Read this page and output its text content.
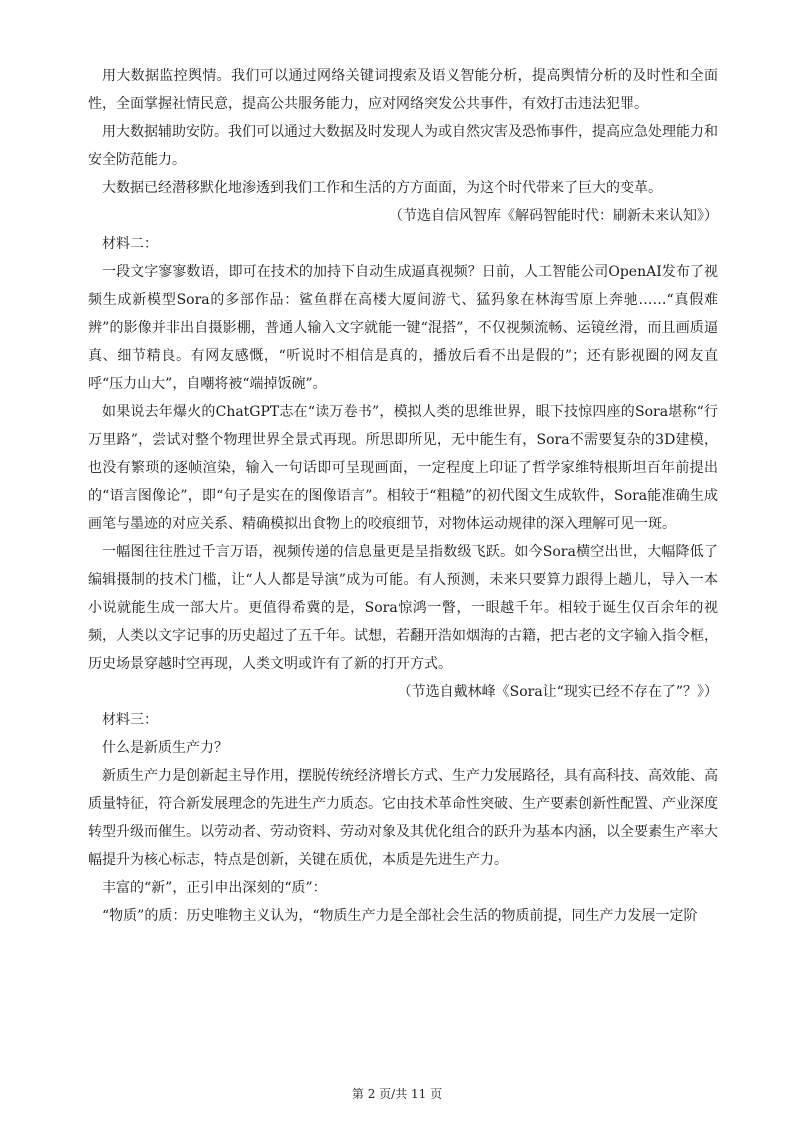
用大数据监控舆情。我们可以通过网络关键词搜索及语义智能分析，提高舆情分析的及时性和全面性，全面掌握社情民意，提高公共服务能力，应对网络突发公共事件，有效打击违法犯罪。

用大数据辅助安防。我们可以通过大数据及时发现人为或自然灾害及恐怖事件，提高应急处理能力和安全防范能力。

大数据已经潜移默化地渗透到我们工作和生活的方方面面，为这个时代带来了巨大的变革。

（节选自信风智库《解码智能时代：刷新未来认知》）

材料二：

一段文字寥寥数语，即可在技术的加持下自动生成逼真视频？日前，人工智能公司OpenAI发布了视频生成新模型Sora的多部作品：鲨鱼群在高楼大厦间游弋、猛犸象在林海雪原上奔驰……“真假难辨”的影像并非出自摄影棚，普通人输入文字就能一键“混搭”，不仅视频流畅、运镜丝滑，而且画质逼真、细节精良。有网友感慨，“听说时不相信是真的，播放后看不出是假的”；还有影视圈的网友直呼“压力山大”，自嘲将被“端掉饭碗”。

如果说去年爆火的ChatGPT志在“读万卷书”，模拟人类的思维世界，眼下技惊四座的Sora堪称“行万里路”，尝试对整个物理世界全景式再现。所思即所见，无中能生有，Sora不需要复杂的3D建模，也没有繁琐的逐帧渲染，输入一句话即可呈现画面，一定程度上印证了哲学家维特根斯坦百年前提出的“语言图像论”，即“句子是实在的图像语言”。相较于“粗糙”的初代图文生成软件，Sora能准确生成画笔与墨迹的对应关系、精确模拟出食物上的咬痕细节，对物体运动规律的深入理解可见一斑。

一幅图往往胜过千言万语，视频传递的信息量更是呈指数级飞跃。如今Sora横空出世，大幅降低了编辑摄制的技术门槛，让“人人都是导演”成为可能。有人预测，未来只要算力跟得上趟儿，导入一本小说就能生成一部大片。更值得希冀的是，Sora惊鸿一瞥，一眼越千年。相较于诞生仅百余年的视频，人类以文字记事的历史超过了五千年。试想，若翻开浩如烟海的古籍，把古老的文字输入指令框，历史场景穿越时空再现，人类文明或许有了新的打开方式。

（节选自戴林峰《Sora让“现实已经不存在了”？》）

材料三：

什么是新质生产力？

新质生产力是创新起主导作用，摆脱传统经济增长方式、生产力发展路径，具有高科技、高效能、高质量特征，符合新发展理念的先进生产力质态。它由技术革命性突破、生产要素创新性配置、产业深度转型升级而催生。以劳动者、劳动资料、劳动对象及其优化组合的跃升为基本内涵，以全要素生产率大幅提升为核心标志，特点是创新，关键在质优，本质是先进生产力。

丰富的“新”，正引申出深刻的“质”：

“物质”的质：历史唯物主义认为，“物质生产力是全部社会生活的物质前提，同生产力发展一定阶

第 2 页/共 11 页
